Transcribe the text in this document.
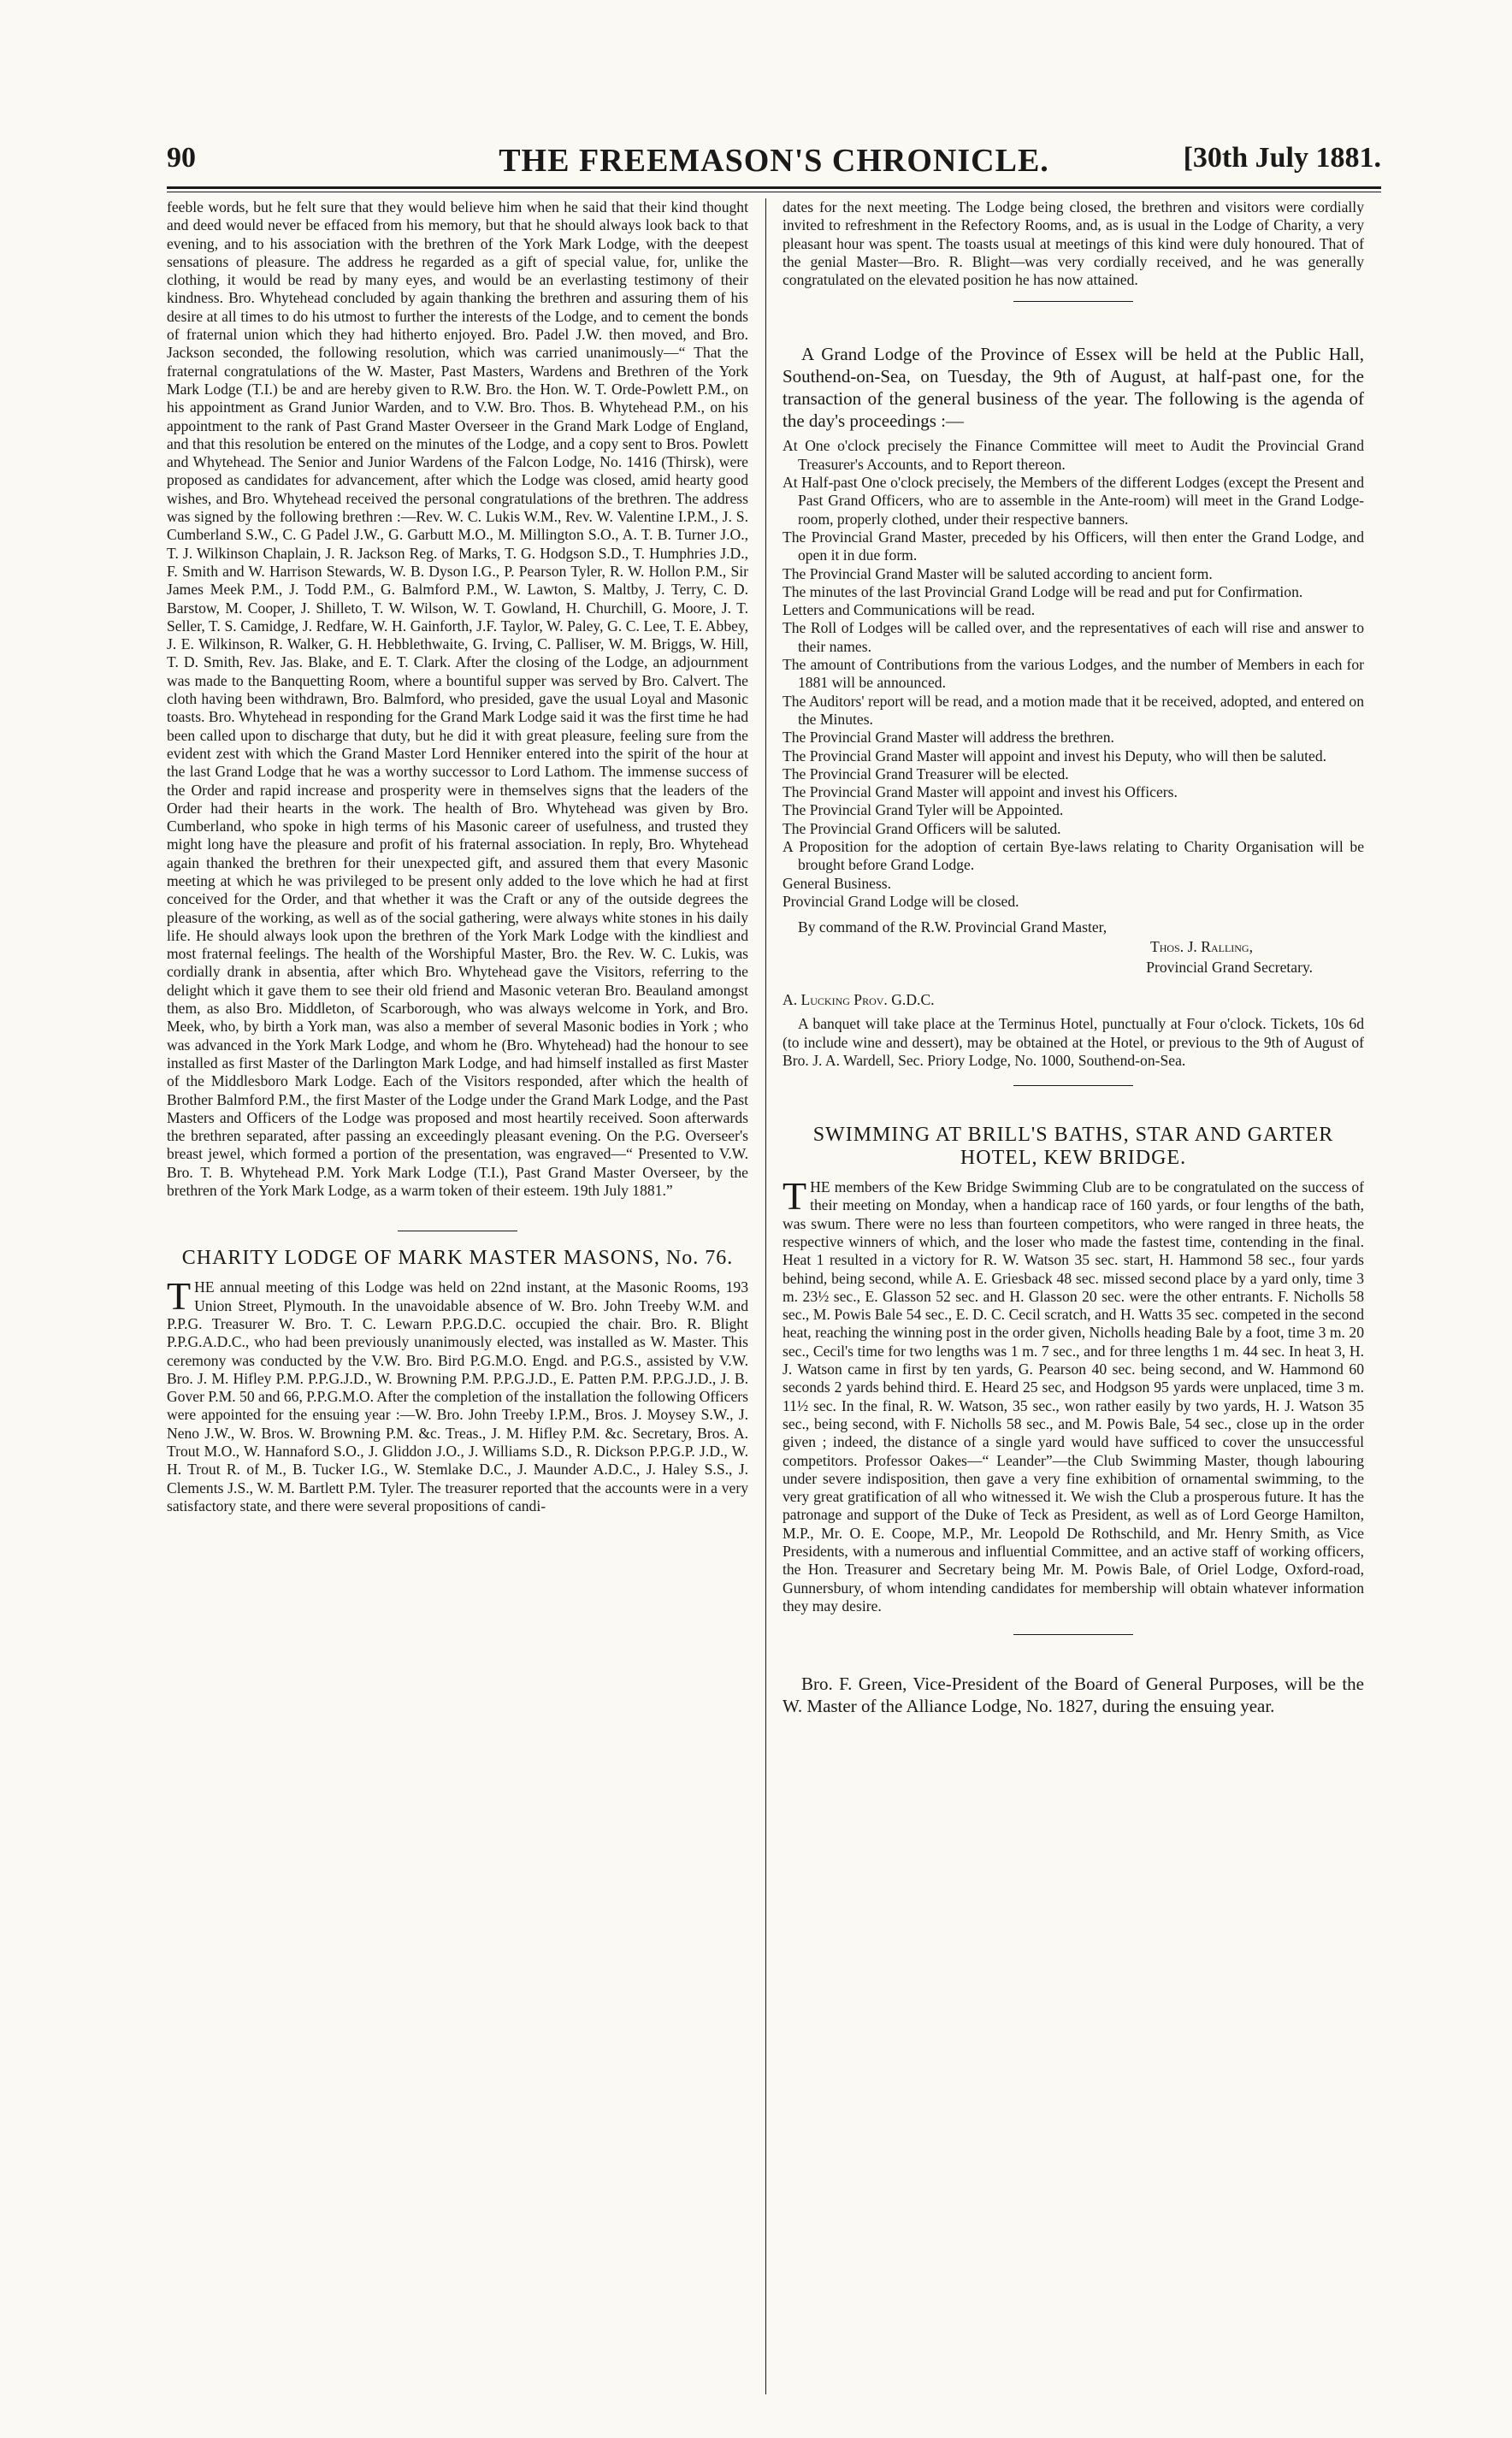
90	THE FREEMASON'S CHRONICLE.	[30th July 1881.

feeble words, but he felt sure that they would believe him when he said that their kind thought and deed would never be effaced from his memory, but that he should always look back to that evening, and to his association with the brethren of the York Mark Lodge, with the deepest sensations of pleasure. The address he regarded as a gift of special value, for, unlike the clothing, it would be read by many eyes, and would be an everlasting testimony of their kindness. Bro. Whytehead concluded by again thanking the brethren and assuring them of his desire at all times to do his utmost to further the interests of the Lodge, and to cement the bonds of fraternal union which they had hitherto enjoyed. Bro. Padel J.W. then moved, and Bro. Jackson seconded, the following resolution, which was carried unanimously—“ That the fraternal congratulations of the W. Master, Past Masters, Wardens and Brethren of the York Mark Lodge (T.I.) be and are hereby given to R.W. Bro. the Hon. W. T. Orde-Powlett P.M., on his appointment as Grand Junior Warden, and to V.W. Bro. Thos. B. Whytehead P.M., on his appointment to the rank of Past Grand Master Overseer in the Grand Mark Lodge of England, and that this resolution be entered on the minutes of the Lodge, and a copy sent to Bros. Powlett and Whytehead. The Senior and Junior Wardens of the Falcon Lodge, No. 1416 (Thirsk), were proposed as candidates for advancement, after which the Lodge was closed, amid hearty good wishes, and Bro. Whytehead received the personal congratulations of the brethren. The address was signed by the following brethren :—Rev. W. C. Lukis W.M., Rev. W. Valentine I.P.M., J. S. Cumberland S.W., C. G Padel J.W., G. Garbutt M.O., M. Millington S.O., A. T. B. Turner J.O., T. J. Wilkinson Chaplain, J. R. Jackson Reg. of Marks, T. G. Hodgson S.D., T. Humphries J.D., F. Smith and W. Harrison Stewards, W. B. Dyson I.G., P. Pearson Tyler, R. W. Hollon P.M., Sir James Meek P.M., J. Todd P.M., G. Balmford P.M., W. Lawton, S. Maltby, J. Terry, C. D. Barstow, M. Cooper, J. Shilleto, T. W. Wilson, W. T. Gowland, H. Churchill, G. Moore, J. T. Seller, T. S. Camidge, J. Redfare, W. H. Gainforth, J.F. Taylor, W. Paley, G. C. Lee, T. E. Abbey, J. E. Wilkinson, R. Walker, G. H. Hebblethwaite, G. Irving, C. Palliser, W. M. Briggs, W. Hill, T. D. Smith, Rev. Jas. Blake, and E. T. Clark. After the closing of the Lodge, an adjournment was made to the Banquetting Room, where a bountiful supper was served by Bro. Calvert. The cloth having been withdrawn, Bro. Balmford, who presided, gave the usual Loyal and Masonic toasts. Bro. Whytehead in responding for the Grand Mark Lodge said it was the first time he had been called upon to discharge that duty, but he did it with great pleasure, feeling sure from the evident zest with which the Grand Master Lord Henniker entered into the spirit of the hour at the last Grand Lodge that he was a worthy successor to Lord Lathom. The immense success of the Order and rapid increase and prosperity were in themselves signs that the leaders of the Order had their hearts in the work. The health of Bro. Whytehead was given by Bro. Cumberland, who spoke in high terms of his Masonic career of usefulness, and trusted they might long have the pleasure and profit of his fraternal association. In reply, Bro. Whytehead again thanked the brethren for their unexpected gift, and assured them that every Masonic meeting at which he was privileged to be present only added to the love which he had at first conceived for the Order, and that whether it was the Craft or any of the outside degrees the pleasure of the working, as well as of the social gathering, were always white stones in his daily life. He should always look upon the brethren of the York Mark Lodge with the kindliest and most fraternal feelings. The health of the Worshipful Master, Bro. the Rev. W. C. Lukis, was cordially drank in absentia, after which Bro. Whytehead gave the Visitors, referring to the delight which it gave them to see their old friend and Masonic veteran Bro. Beauland amongst them, as also Bro. Middleton, of Scarborough, who was always welcome in York, and Bro. Meek, who, by birth a York man, was also a member of several Masonic bodies in York ; who was advanced in the York Mark Lodge, and whom he (Bro. Whytehead) had the honour to see installed as first Master of the Darlington Mark Lodge, and had himself installed as first Master of the Middlesboro Mark Lodge. Each of the Visitors responded, after which the health of Brother Balmford P.M., the first Master of the Lodge under the Grand Mark Lodge, and the Past Masters and Officers of the Lodge was proposed and most heartily received. Soon afterwards the brethren separated, after passing an exceedingly pleasant evening. On the P.G. Overseer's breast jewel, which formed a portion of the presentation, was engraved—“ Presented to V.W. Bro. T. B. Whytehead P.M. York Mark Lodge (T.I.), Past Grand Master Overseer, by the brethren of the York Mark Lodge, as a warm token of their esteem. 19th July 1881.”

CHARITY LODGE OF MARK MASTER MASONS, No. 76.

THE annual meeting of this Lodge was held on 22nd instant, at the Masonic Rooms, 193 Union Street, Plymouth. In the unavoidable absence of W. Bro. John Treeby W.M. and P.P.G. Treasurer W. Bro. T. C. Lewarn P.P.G.D.C. occupied the chair. Bro. R. Blight P.P.G.A.D.C., who had been previously unanimously elected, was installed as W. Master. This ceremony was conducted by the V.W. Bro. Bird P.G.M.O. Engd. and P.G.S., assisted by V.W. Bro. J. M. Hifley P.M. P.P.G.J.D., W. Browning P.M. P.P.G.J.D., E. Patten P.M. P.P.G.J.D., J. B. Gover P.M. 50 and 66, P.P.G.M.O. After the completion of the installation the following Officers were appointed for the ensuing year :—W. Bro. John Treeby I.P.M., Bros. J. Moysey S.W., J. Neno J.W., W. Bros. W. Browning P.M. &c. Treas., J. M. Hifley P.M. &c. Secretary, Bros. A. Trout M.O., W. Hannaford S.O., J. Gliddon J.O., J. Williams S.D., R. Dickson P.P.G.P. J.D., W. H. Trout R. of M., B. Tucker I.G., W. Stemlake D.C., J. Maunder A.D.C., J. Haley S.S., J. Clements J.S., W. M. Bartlett P.M. Tyler. The treasurer reported that the accounts were in a very satisfactory state, and there were several propositions of candi-

dates for the next meeting. The Lodge being closed, the brethren and visitors were cordially invited to refreshment in the Refectory Rooms, and, as is usual in the Lodge of Charity, a very pleasant hour was spent. The toasts usual at meetings of this kind were duly honoured. That of the genial Master—Bro. R. Blight—was very cordially received, and he was generally congratulated on the elevated position he has now attained.

A Grand Lodge of the Province of Essex will be held at the Public Hall, Southend-on-Sea, on Tuesday, the 9th of August, at half-past one, for the transaction of the general business of the year. The following is the agenda of the day's proceedings :—

At One o'clock precisely the Finance Committee will meet to Audit the Provincial Grand Treasurer's Accounts, and to Report thereon.
At Half-past One o'clock precisely, the Members of the different Lodges (except the Present and Past Grand Officers, who are to assemble in the Ante-room) will meet in the Grand Lodge-room, properly clothed, under their respective banners.
The Provincial Grand Master, preceded by his Officers, will then enter the Grand Lodge, and open it in due form.
The Provincial Grand Master will be saluted according to ancient form.
The minutes of the last Provincial Grand Lodge will be read and put for Confirmation.
Letters and Communications will be read.
The Roll of Lodges will be called over, and the representatives of each will rise and answer to their names.
The amount of Contributions from the various Lodges, and the number of Members in each for 1881 will be announced.
The Auditors' report will be read, and a motion made that it be received, adopted, and entered on the Minutes.
The Provincial Grand Master will address the brethren.
The Provincial Grand Master will appoint and invest his Deputy, who will then be saluted.
The Provincial Grand Treasurer will be elected.
The Provincial Grand Master will appoint and invest his Officers.
The Provincial Grand Tyler will be Appointed.
The Provincial Grand Officers will be saluted.
A Proposition for the adoption of certain Bye-laws relating to Charity Organisation will be brought before Grand Lodge.
General Business.
Provincial Grand Lodge will be closed.
By command of the R.W. Provincial Grand Master,
Thos. J. Ralling,
Provincial Grand Secretary.
A. Lucking Prov. G.D.C.

A banquet will take place at the Terminus Hotel, punctually at Four o'clock. Tickets, 10s 6d (to include wine and dessert), may be obtained at the Hotel, or previous to the 9th of August of Bro. J. A. Wardell, Sec. Priory Lodge, No. 1000, Southend-on-Sea.

SWIMMING AT BRILL'S BATHS, STAR AND GARTER HOTEL, KEW BRIDGE.

THE members of the Kew Bridge Swimming Club are to be congratulated on the success of their meeting on Monday, when a handicap race of 160 yards, or four lengths of the bath, was swum. There were no less than fourteen competitors, who were ranged in three heats, the respective winners of which, and the loser who made the fastest time, contending in the final. Heat 1 resulted in a victory for R. W. Watson 35 sec. start, H. Hammond 58 sec., four yards behind, being second, while A. E. Griesback 48 sec. missed second place by a yard only, time 3 m. 23½ sec., E. Glasson 52 sec. and H. Glasson 20 sec. were the other entrants. F. Nicholls 58 sec., M. Powis Bale 54 sec., E. D. C. Cecil scratch, and H. Watts 35 sec. competed in the second heat, reaching the winning post in the order given, Nicholls heading Bale by a foot, time 3 m. 20 sec., Cecil's time for two lengths was 1 m. 7 sec., and for three lengths 1 m. 44 sec. In heat 3, H. J. Watson came in first by ten yards, G. Pearson 40 sec. being second, and W. Hammond 60 seconds 2 yards behind third. E. Heard 25 sec, and Hodgson 95 yards were unplaced, time 3 m. 11½ sec. In the final, R. W. Watson, 35 sec., won rather easily by two yards, H. J. Watson 35 sec., being second, with F. Nicholls 58 sec., and M. Powis Bale, 54 sec., close up in the order given ; indeed, the distance of a single yard would have sufficed to cover the unsuccessful competitors. Professor Oakes—“ Leander”—the Club Swimming Master, though labouring under severe indisposition, then gave a very fine exhibition of ornamental swimming, to the very great gratification of all who witnessed it. We wish the Club a prosperous future. It has the patronage and support of the Duke of Teck as President, as well as of Lord George Hamilton, M.P., Mr. O. E. Coope, M.P., Mr. Leopold De Rothschild, and Mr. Henry Smith, as Vice Presidents, with a numerous and influential Committee, and an active staff of working officers, the Hon. Treasurer and Secretary being Mr. M. Powis Bale, of Oriel Lodge, Oxford-road, Gunnersbury, of whom intending candidates for membership will obtain whatever information they may desire.

Bro. F. Green, Vice-President of the Board of General Purposes, will be the W. Master of the Alliance Lodge, No. 1827, during the ensuing year.
